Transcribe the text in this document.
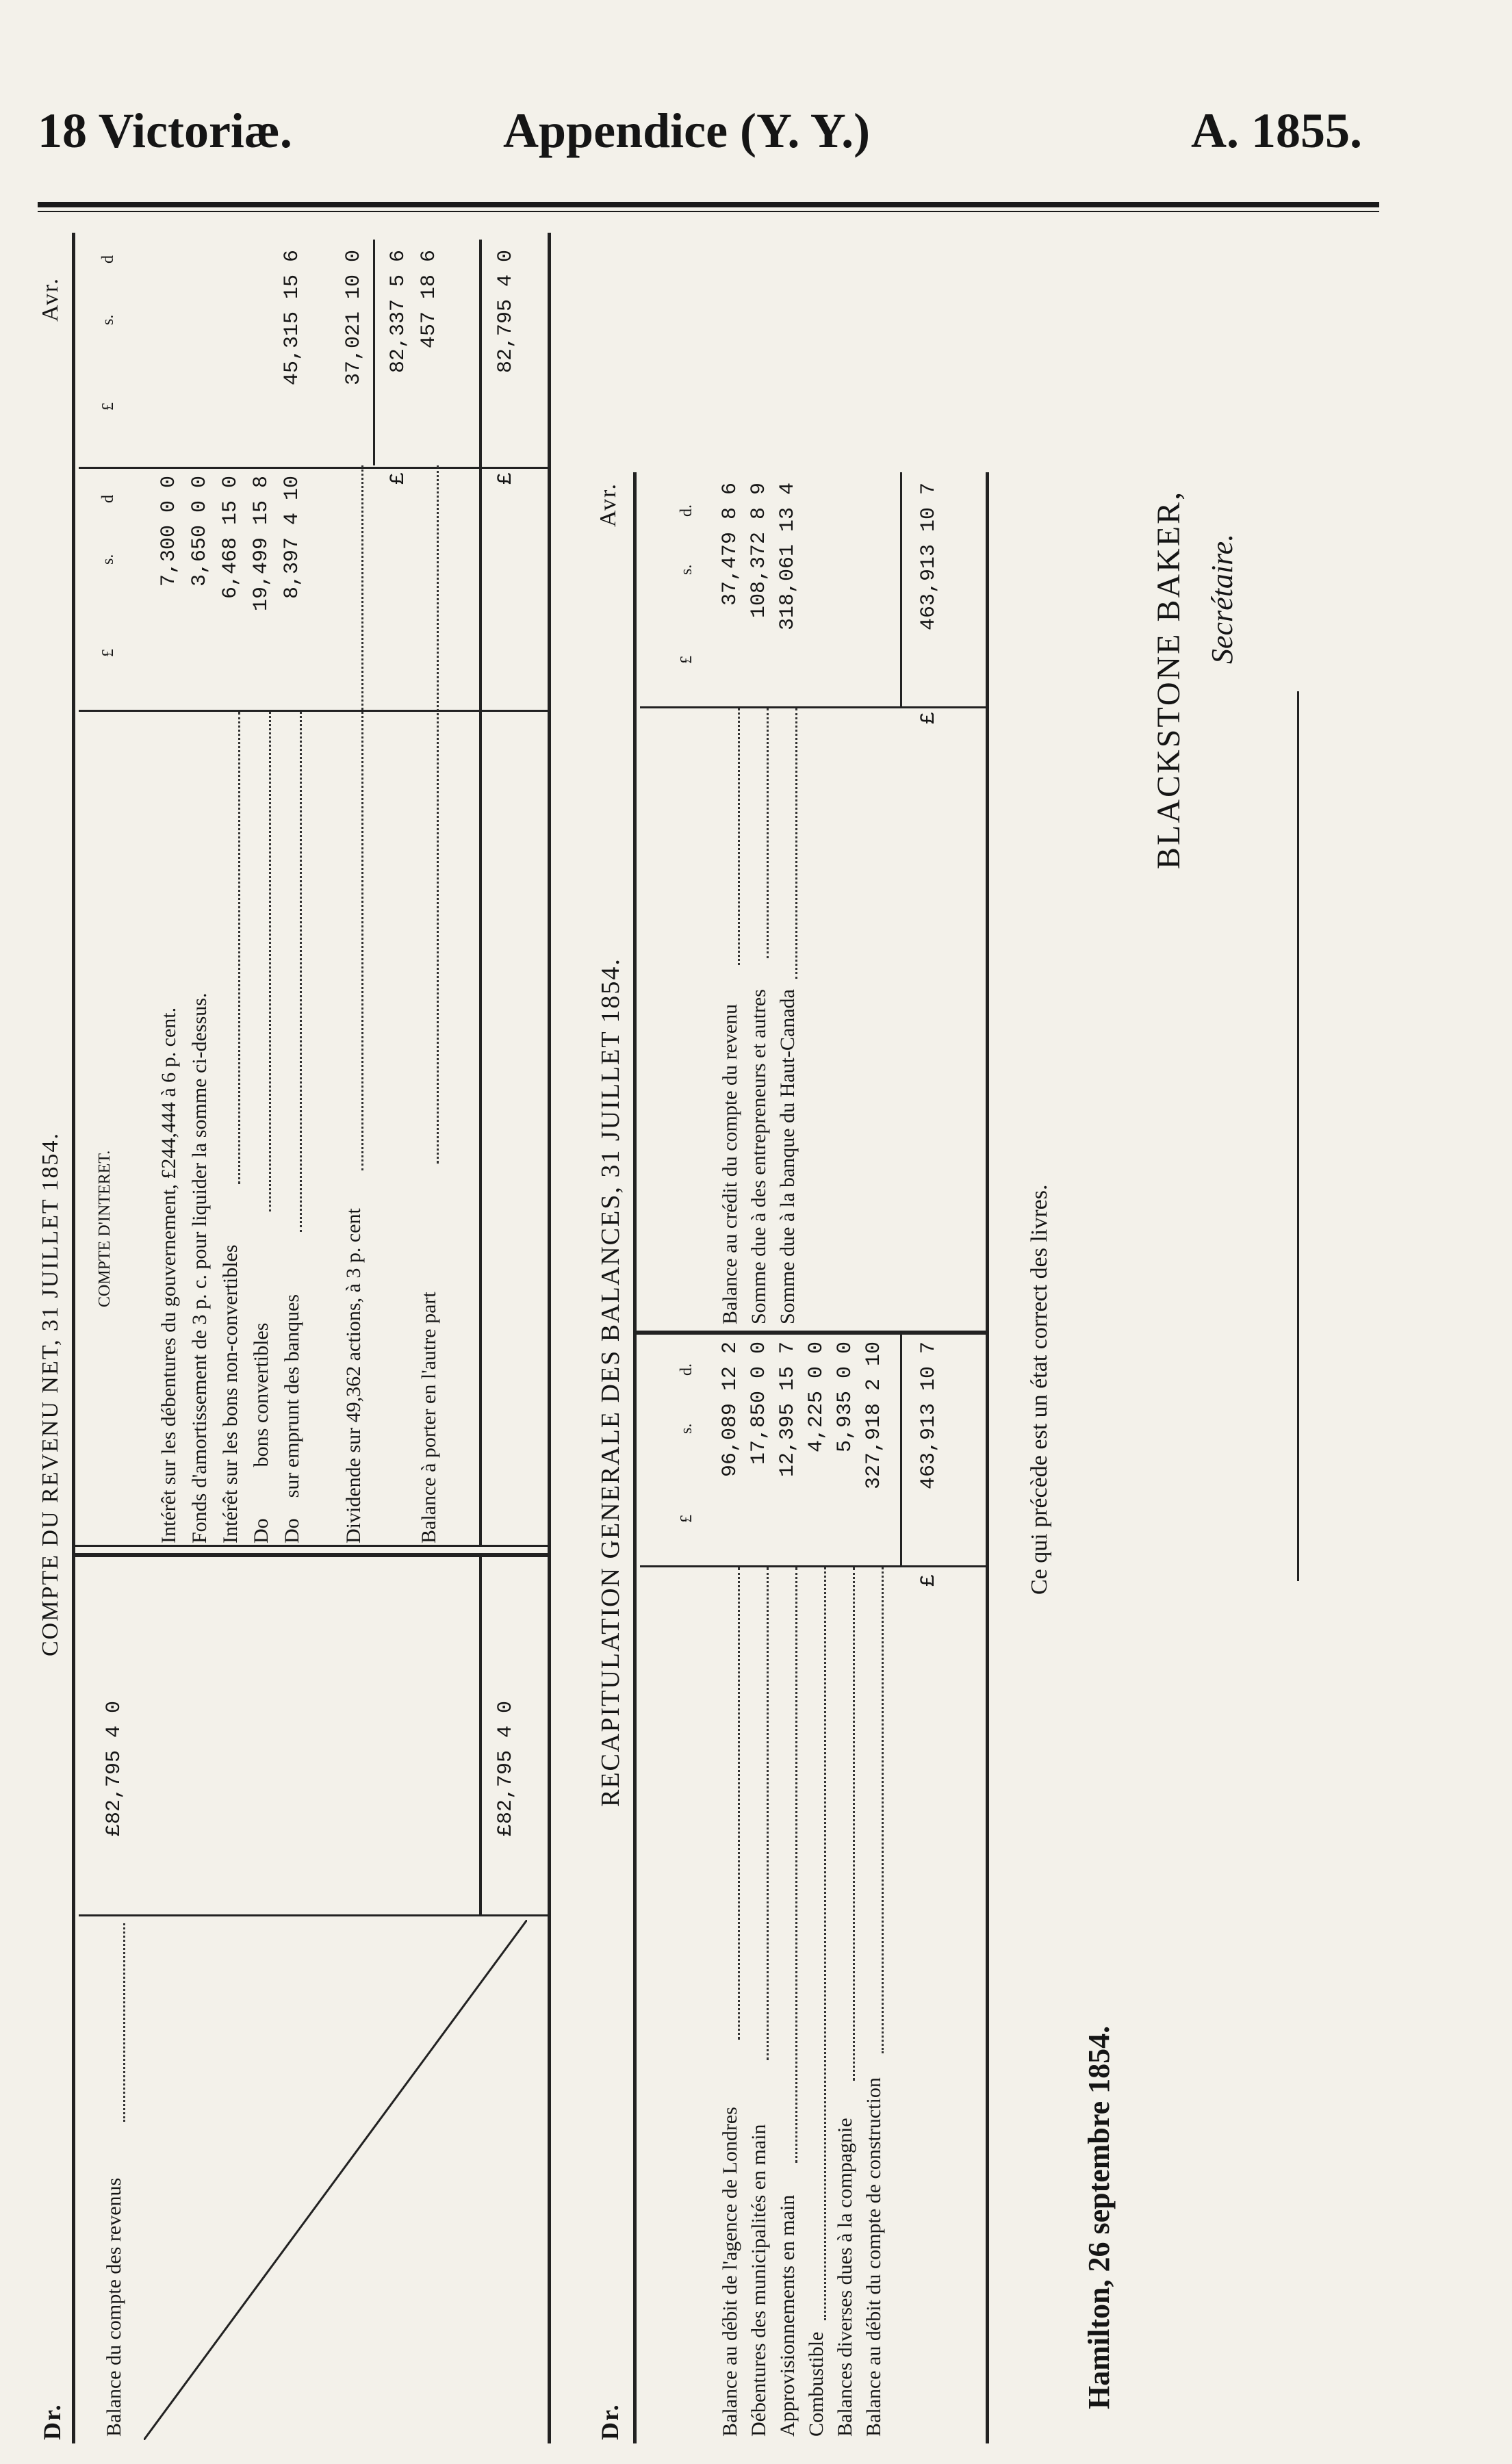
18 Victoriæ.	Appendice (Y. Y.)	A. 1855.
Dr.
COMPTE DU REVENU NET, 31 JUILLET 1854.
Avr.
Balance du compte des revenus
£82,795 4 0	£82,795 4 0
COMPTE D'INTERET.
£
s.
d
£
s.
d
Intérêt sur les débentures du gouvernement, £244,444 à 6 p. cent.
7,300 0 0
Fonds d'amortissement de 3 p. c. pour liquider la somme ci-dessus.
3,650 0 0
Intérêt sur les bons non-convertibles
6,468 15 0
Do          bons convertibles
19,499 15 8
Do    sur emprunt des banques
8,397 4 10
45,315 15 6
Dividende sur 49,362 actions, à 3 p. cent
37,021 10 0
£
82,337 5 6
Balance à porter en l'autre part
457 18 6
£
82,795 4 0
Dr.
RECAPITULATION GENERALE DES BALANCES, 31 JUILLET 1854.
Avr.
£
s.
d.
Balance au débit de l'agence de Londres
96,089 12 2
Débentures des municipalités en main
17,850 0 0
Approvisionnements en main
12,395 15 7
Combustible
4,225 0 0
Balances diverses dues à la compagnie
5,935 0 0
Balance au débit du compte de construction
327,918 2 10
£
463,913 10 7
£
s.
d.
Balance au crédit du compte du revenu
37,479 8 6
Somme due à des entrepreneurs et autres
108,372 8 9
Somme due à la banque du Haut-Canada
318,061 13 4
£
463,913 10 7
Ce qui précède est un état correct des livres.
Hamilton, 26 septembre 1854.
BLACKSTONE BAKER, Secrétaire.
